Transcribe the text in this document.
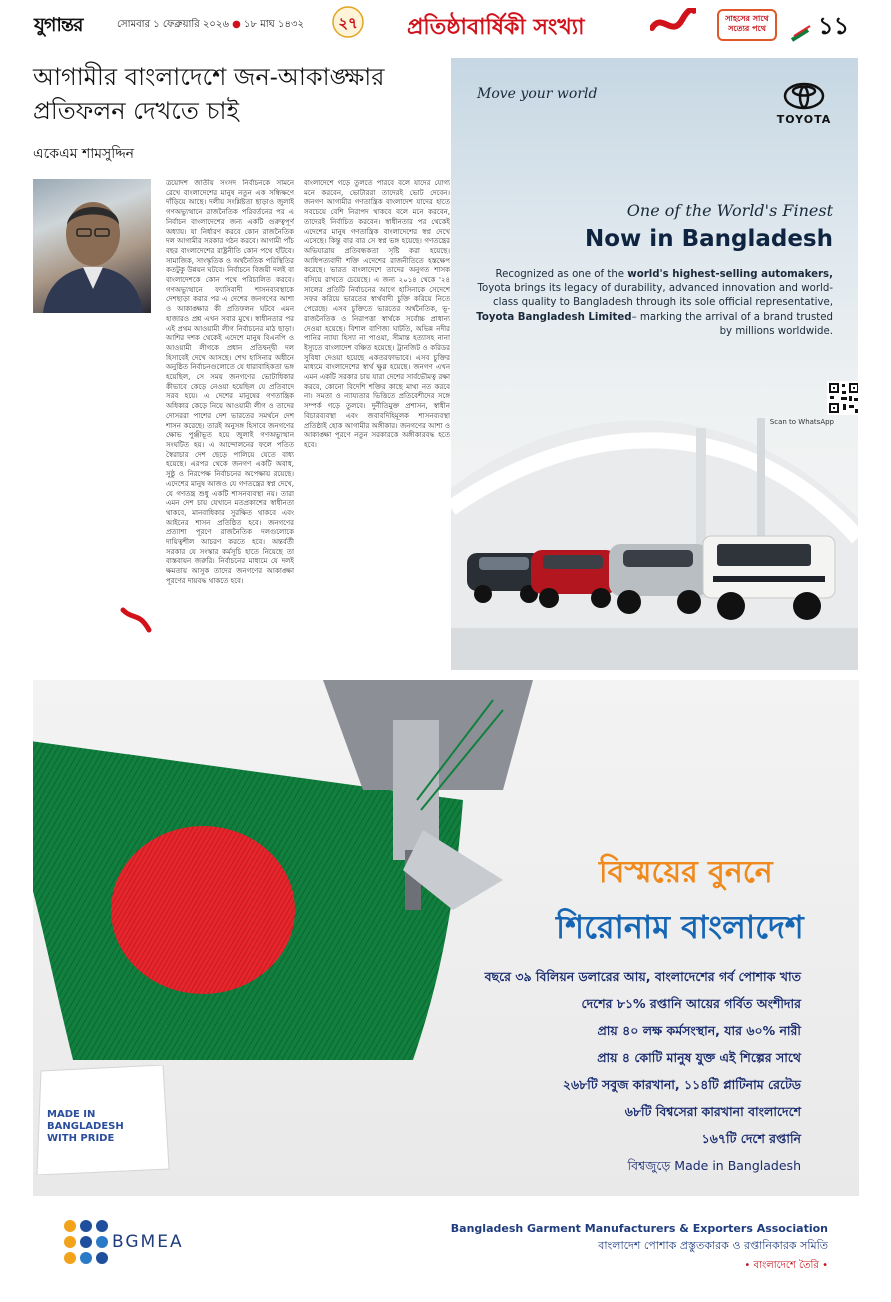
যুগান্তর	সোমবার ১ ফেব্রুয়ারি ২০২৬ ● ১৮ মাঘ ১৪৩২ ২৭ প্রতিষ্ঠাবার্ষিকী সংখ্যা	সাহসের সাথে সত্যের পথে	১১
আগামীর বাংলাদেশে জন-আকাঙ্ক্ষার প্রতিফলন দেখতে চাই
একেএম শামসুদ্দিন
ত্রয়োদশ জাতীয় সংসদ নির্বাচনকে সামনে রেখে বাংলাদেশের মানুষ নতুন এক সন্ধিক্ষণে দাঁড়িয়ে আছে। দলীয় সংশ্লিষ্টতা ছাড়াও জুলাই গণঅভ্যুত্থানে রাজনৈতিক পরিবর্তনের পর এ নির্বাচন বাংলাদেশের জন্য একটি গুরুত্বপূর্ণ অধ্যায়। যা নির্ধারণ করবে কোন রাজনৈতিক দল আগামীর সরকার গঠন করবে। আগামী পাঁচ বছর বাংলাদেশের রাষ্ট্রনীতি কোন পথে হাঁটবে। সামাজিক, সাংস্কৃতিক ও অর্থনৈতিক পরিস্থিতির কতটুকু উন্নয়ন ঘটবে। নির্বাচনে বিজয়ী দলই বা বাংলাদেশকে কোন পথে পরিচালিত করবে। গণঅভ্যুত্থানে ফ্যাসিবাদী শাসনব্যবস্থাকে দেশছাড়া করার পর এ দেশের জনগণের আশা ও আকাঙ্ক্ষার কী প্রতিফলন ঘটবে এমন হাজারও প্রশ্ন এখন সবার মুখে। স্বাধীনতার পর এই প্রথম আওয়ামী লীগ নির্বাচনের মাঠ ছাড়া। আশির দশক থেকেই এদেশে মানুষ বিএনপি ও আওয়ামী লীগকে প্রধান প্রতিদ্বন্দ্বী দল হিসাবেই দেখে আসছে। শেখ হাসিনার অধীনে অনুষ্ঠিত নির্বাচনগুলোতে যে ধারাবাহিকতা ভঙ্গ হয়েছিল, সে সময় জনগণের ভোটাধিকার কীভাবে কেড়ে নেওয়া হয়েছিল যে প্রতিবাদে সরব হয়ে। এ দেশের মানুষের গণতান্ত্রিক অধিকার কেড়ে নিয়ে আওয়ামী লীগ ও তাদের দোসররা পাশের দেশ ভারতের সমর্থনে দেশ শাসন করেছে। তারই অনুসঙ্গ হিসাবে জনগণের ক্ষোভ পুঞ্জীভূত হয়ে জুলাই গণঅভ্যুত্থান সংঘটিত হয়। এ আন্দোলনের ফলে পতিত স্বৈরাচার দেশ ছেড়ে পালিয়ে যেতে বাধ্য হয়েছে। এরপর থেকে জনগণ একটি অবাধ, সুষ্ঠু ও নিরপেক্ষ নির্বাচনের অপেক্ষায় রয়েছে। এদেশের মানুষ আজও যে গণতন্ত্রের স্বপ্ন দেখে, যে গণতন্ত্র শুধু একটি শাসনব্যবস্থা নয়। তারা এমন দেশ চায় যেখানে মতপ্রকাশের স্বাধীনতা থাকবে, মানবাধিকার সুরক্ষিত থাকবে এবং আইনের শাসন প্রতিষ্ঠিত হবে। জনগণের প্রত্যাশা পূরণে রাজনৈতিক দলগুলোকে দায়িত্বশীল আচরণ করতে হবে। অন্তর্বর্তী সরকার যে সংস্কার কর্মসূচি হাতে নিয়েছে তা বাস্তবায়ন জরুরি। নির্বাচনের মাধ্যমে যে দলই ক্ষমতায় আসুক তাদের জনগণের আকাঙ্ক্ষা পূরণের দায়বদ্ধ থাকতে হবে।
বাংলাদেশে গড়ে তুলতে পারবে বলে যাদের যোগ্য মনে করবেন, ভোটাররা তাদেরই ভোট দেবেন। জনগণ আগামীর গণতান্ত্রিক বাংলাদেশ যাদের হাতে সবচেয়ে বেশি নিরাপদ থাকবে বলে মনে করবেন, তাদেরই নির্বাচিত করবেন। স্বাধীনতার পর থেকেই এদেশের মানুষ গণতান্ত্রিক বাংলাদেশের স্বপ্ন দেখে এসেছে। কিন্তু বার বার সে স্বপ্ন ভঙ্গ হয়েছে। গণতন্ত্রের অভিযাত্রায় প্রতিবন্ধকতা সৃষ্টি করা হয়েছে। আধিপত্যবাদী শক্তি এদেশের রাজনীতিতে হস্তক্ষেপ করেছে। ভারত বাংলাদেশে তাদের অনুগত শাসক বসিয়ে রাখতে চেয়েছে। এ জন্য ২০১৪ থেকে '২৪ সালের প্রতিটি নির্বাচনের আগে হাসিনাকে সেদেশে সফর করিয়ে ভারতের স্বার্থবাদী চুক্তি করিয়ে নিতে পেরেছে। এসব চুক্তিতে ভারতের অর্থনৈতিক, ভূ-রাজনৈতিক ও নিরাপত্তা স্বার্থকে সর্বোচ্চ প্রাধান্য দেওয়া হয়েছে। বিশাল বাণিজ্য ঘাটতি, অভিন্ন নদীর পানির ন্যায্য হিস্যা না পাওয়া, সীমান্ত হত্যাসহ নানা ইস্যুতে বাংলাদেশ বঞ্চিত হয়েছে। ট্রানজিট ও করিডর সুবিধা দেওয়া হয়েছে একতরফাভাবে। এসব চুক্তির মাধ্যমে বাংলাদেশের স্বার্থ ক্ষুণ্ণ হয়েছে। জনগণ এখন এমন একটি সরকার চায় যারা দেশের সার্বভৌমত্ব রক্ষা করবে, কোনো বিদেশি শক্তির কাছে মাথা নত করবে না। সমতা ও ন্যায্যতার ভিত্তিতে প্রতিবেশীদের সঙ্গে সম্পর্ক গড়ে তুলবে। দুর্নীতিমুক্ত প্রশাসন, স্বাধীন বিচারব্যবস্থা এবং জবাবদিহিমূলক শাসনব্যবস্থা প্রতিষ্ঠাই হোক আগামীর অঙ্গীকার। জনগণের আশা ও আকাঙ্ক্ষা পূরণে নতুন সরকারকে অঙ্গীকারবদ্ধ হতে হবে।
Move your world
TOYOTA
One of the World's Finest
Now in Bangladesh
Recognized as one of the world's highest-selling automakers, Toyota brings its legacy of durability, advanced innovation and world-class quality to Bangladesh through its sole official representative, Toyota Bangladesh Limited– marking the arrival of a brand trusted by millions worldwide.
Scan to WhatsApp
বিস্ময়ের বুননে
শিরোনাম বাংলাদেশ
বছরে ৩৯ বিলিয়ন ডলারের আয়, বাংলাদেশের গর্ব পোশাক খাত
দেশের ৮১% রপ্তানি আয়ের গর্বিত অংশীদার
প্রায় ৪০ লক্ষ কর্মসংস্থান, যার ৬০% নারী
প্রায় ৪ কোটি মানুষ যুক্ত এই শিল্পের সাথে
২৬৮টি সবুজ কারখানা, ১১৪টি প্লাটিনাম রেটেড
৬৮টি বিশ্বসেরা কারখানা বাংলাদেশে
১৬৭টি দেশে রপ্তানি
বিশ্বজুড়ে Made in Bangladesh
MADE IN BANGLADESH WITH PRIDE
BGMEA
Bangladesh Garment Manufacturers & Exporters Association
বাংলাদেশ পোশাক প্রস্তুতকারক ও রপ্তানিকারক সমিতি
• বাংলাদেশে তৈরি •
